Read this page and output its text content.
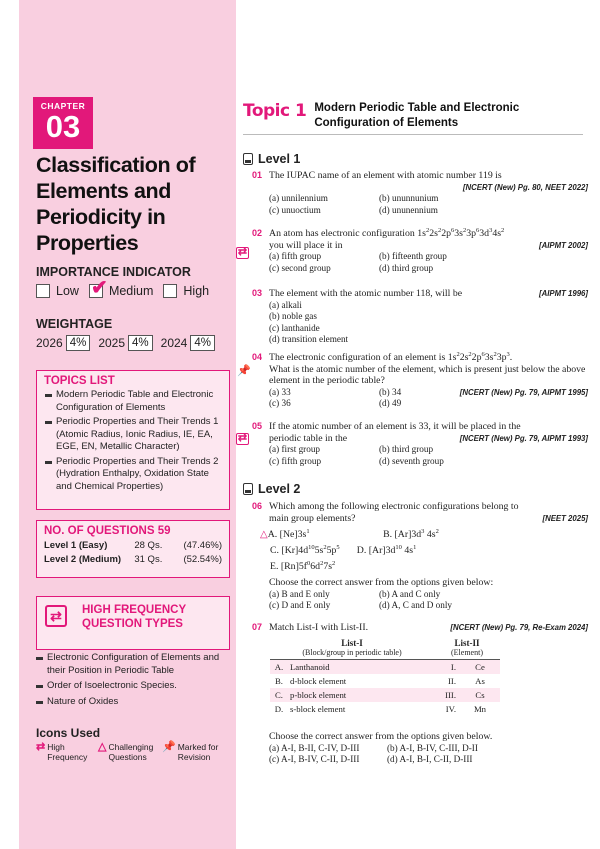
CHAPTER
03
Classification of Elements and Periodicity in Properties
IMPORTANCE INDICATOR
Low ✔ Medium High
WEIGHTAGE
2026 4%	2025 4%	2024 4%
TOPICS LIST
Modern Periodic Table and Electronic Configuration of Elements
Periodic Properties and Their Trends 1 (Atomic Radius, Ionic Radius, IE, EA, EGE, EN, Metallic Character)
Periodic Properties and Their Trends 2 (Hydration Enthalpy, Oxidation State and Chemical Properties)
NO. OF QUESTIONS 59
Level 1 (Easy)	28 Qs.	(47.46%)
Level 2 (Medium)	31 Qs.	(52.54%)
⇄	HIGH FREQUENCY QUESTION TYPES
Electronic Configuration of Elements and their Position in Periodic Table
Order of Isoelectronic Species.
Nature of Oxides
Icons Used
⇄ High Frequency
△ Challenging Questions
📌 Marked for Revision
Topic 1 Modern Periodic Table and Electronic Configuration of Elements
Level 1
01 The IUPAC name of an element with atomic number 119 is
[NCERT (New) Pg. 80, NEET 2022]
(a) unnilennium	(b) ununnunium
(c) unuoctium	(d) ununennium
⇄
02 An atom has electronic configuration $1s^22s^22p^63s^23p^63d^34s^2$
you will place it in	[AIPMT 2002]
(a) fifth group	(b) fifteenth group
(c) second group	(d) third group
03 The element with the atomic number 118, will be	[AIPMT 1996]
(a) alkali
(b) noble gas
(c) lanthanide
(d) transition element
📌
04 The electronic configuration of an element is $1s^22s^22p^63s^23p^3$.
What is the atomic number of the element, which is present just below the above element in the periodic table?
(a) 33	(b) 34
(c) 36	(d) 49
[NCERT (New) Pg. 79, AIPMT 1995]
⇄
05 If the atomic number of an element is 33, it will be placed in the
periodic table in the	[NCERT (New) Pg. 79, AIPMT 1993]
(a) first group	(b) third group
(c) fifth group	(d) seventh group
Level 2
06 Which among the following electronic configurations belong to
main group elements?	[NEET 2025]
△A. $[Ne]3s^1$                              B. $[Ar]3d^3$ $4s^2$
C. $[Kr]4d^{10}5s^25p^5$       D. $[Ar]3d^{10}$ $4s^1$
E. $[Rn]5f^06d^27s^2$
Choose the correct answer from the options given below:
(a) B and E only	(b) A and C only
(c) D and E only	(d) A, C and D only
07 Match List-I with List-II.	[NCERT (New) Pg. 79, Re-Exam 2024]
List-I
(Block/group in periodic table)		List-II
(Element)	

A.	Lanthanoid	I.	Ce
B.	d-block element	II.	As
C.	p-block element	III.	Cs
D.	s-block element	IV.	Mn
Choose the correct answer from the options given below.
(a) A-I, B-II, C-IV, D-III	(b) A-I, B-IV, C-III, D-II
(c) A-I, B-IV, C-II, D-III	(d) A-I, B-I, C-II, D-III
